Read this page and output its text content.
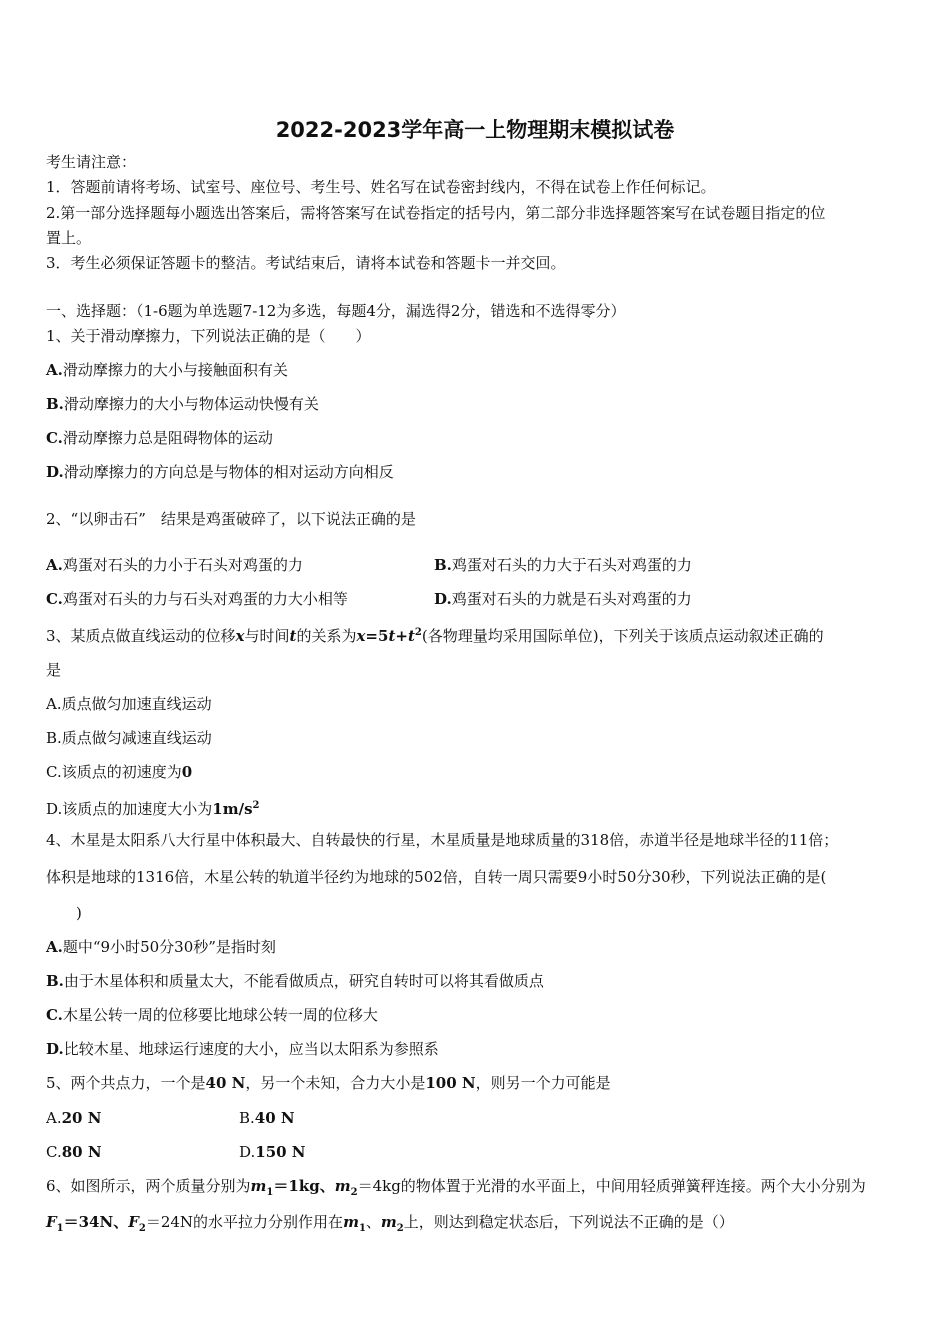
2022-2023学年高一上物理期末模拟试卷
考生请注意：
1．答题前请将考场、试室号、座位号、考生号、姓名写在试卷密封线内，不得在试卷上作任何标记。
2.第一部分选择题每小题选出答案后，需将答案写在试卷指定的括号内，第二部分非选择题答案写在试卷题目指定的位
置上。
3．考生必须保证答题卡的整洁。考试结束后，请将本试卷和答题卡一并交回。
一、选择题：（1-6题为单选题7-12为多选，每题4分，漏选得2分，错选和不选得零分）
1、关于滑动摩擦力，下列说法正确的是（　　）
A.滑动摩擦力的大小与接触面积有关
B.滑动摩擦力的大小与物体运动快慢有关
C.滑动摩擦力总是阻碍物体的运动
D.滑动摩擦力的方向总是与物体的相对运动方向相反
2、“以卵击石”　结果是鸡蛋破碎了，以下说法正确的是
A.鸡蛋对石头的力小于石头对鸡蛋的力	B.鸡蛋对石头的力大于石头对鸡蛋的力
C.鸡蛋对石头的力与石头对鸡蛋的力大小相等	D.鸡蛋对石头的力就是石头对鸡蛋的力
3、某质点做直线运动的位移x与时间t的关系为$x=5t+t^2$(各物理量均采用国际单位)，下列关于该质点运动叙述正确的
是
A.质点做匀加速直线运动
B.质点做匀减速直线运动
C.该质点的初速度为0
D.该质点的加速度大小为$1m/s^2$
4、木星是太阳系八大行星中体积最大、自转最快的行星，木星质量是地球质量的318倍，赤道半径是地球半径的11倍；
体积是地球的1316倍，木星公转的轨道半径约为地球的502倍，自转一周只需要9小时50分30秒，下列说法正确的是(
　　)
A.题中“9小时50分30秒”是指时刻
B.由于木星体积和质量太大，不能看做质点，研究自转时可以将其看做质点
C.木星公转一周的位移要比地球公转一周的位移大
D.比较木星、地球运行速度的大小，应当以太阳系为参照系
5、两个共点力，一个是40 N，另一个未知，合力大小是100 N，则另一个力可能是
A.20 N	B.40 N
C.80 N	D.150 N
6、如图所示，两个质量分别为$m_1=1kg$、$m_2=4kg$的物体置于光滑的水平面上，中间用轻质弹簧秤连接。两个大小分别为
$F_1=34N$、$F_2=24N$的水平拉力分别作用在$m_1$、$m_2$上，则达到稳定状态后，下列说法不正确的是（）
